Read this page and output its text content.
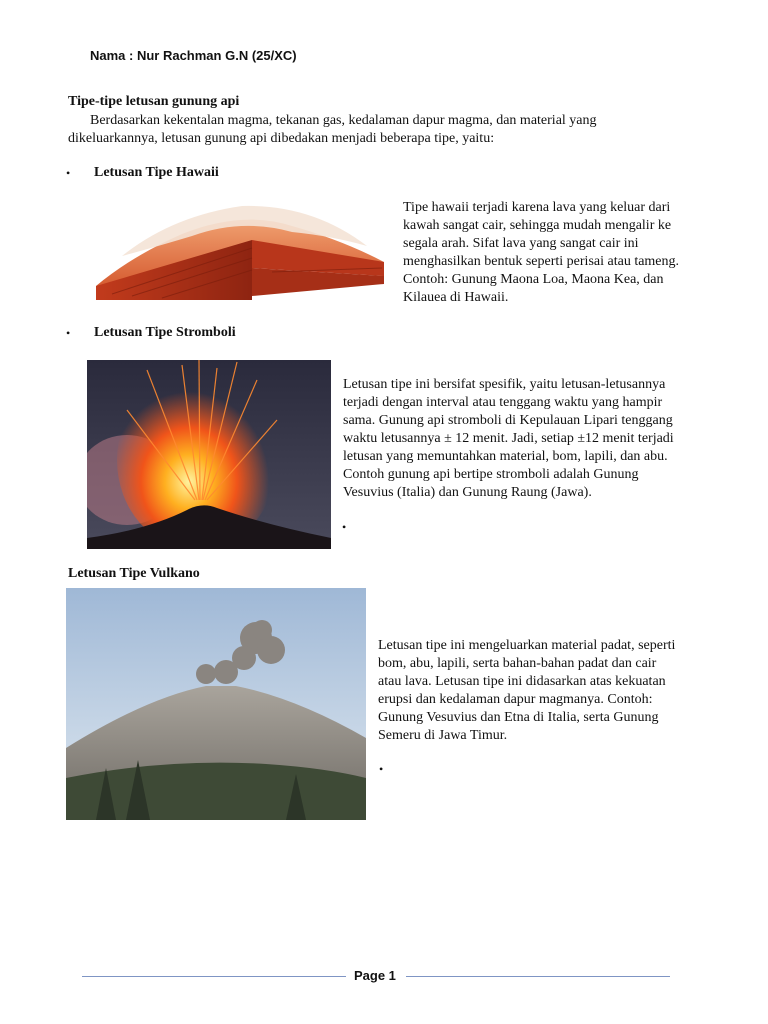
Nama : Nur Rachman G.N (25/XC)
Tipe-tipe letusan gunung api
Berdasarkan kekentalan magma, tekanan gas, kedalaman dapur magma, dan material yang
dikeluarkannya, letusan gunung api dibedakan menjadi beberapa tipe, yaitu:
• Letusan Tipe Hawaii
Tipe hawaii terjadi karena lava yang keluar dari kawah sangat cair, sehingga mudah mengalir ke segala arah. Sifat lava yang sangat cair ini menghasilkan bentuk seperti perisai atau tameng. Contoh: Gunung Maona Loa, Maona Kea, dan Kilauea di Hawaii.
• Letusan Tipe Stromboli
Letusan tipe ini bersifat spesifik, yaitu letusan-letusannya terjadi dengan interval atau tenggang waktu yang hampir sama. Gunung api stromboli di Kepulauan Lipari tenggang waktu letusannya ± 12 menit. Jadi, setiap ±12 menit terjadi letusan yang memuntahkan material, bom, lapili, dan abu. Contoh gunung api bertipe stromboli adalah Gunung Vesuvius (Italia) dan Gunung Raung (Jawa).
•
Letusan Tipe Vulkano
Letusan tipe ini mengeluarkan material padat, seperti bom, abu, lapili, serta bahan-bahan padat dan cair atau lava. Letusan tipe ini didasarkan atas kekuatan erupsi dan kedalaman dapur magmanya. Contoh: Gunung Vesuvius dan Etna di Italia, serta Gunung Semeru di Jawa Timur.
•
Page 1
